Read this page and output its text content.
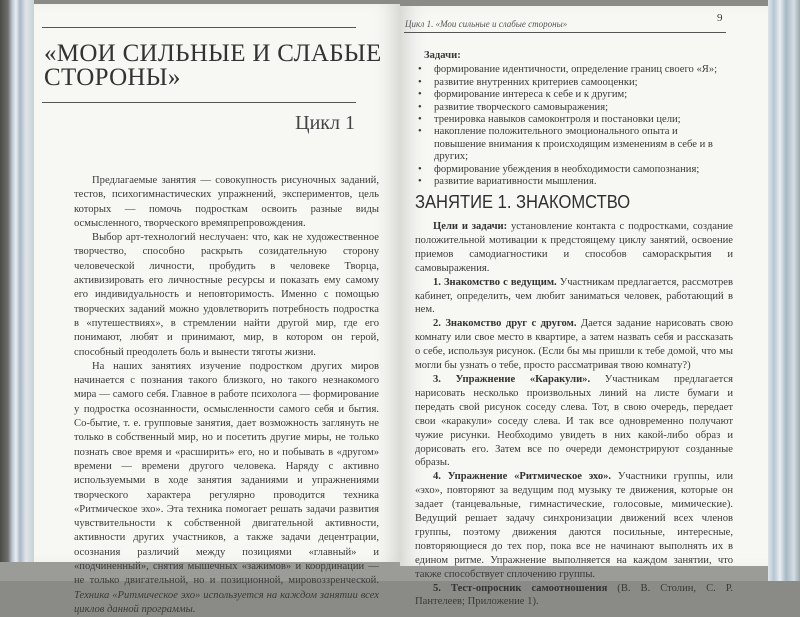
«МОИ СИЛЬНЫЕ И СЛАБЫЕ
СТОРОНЫ»
Цикл 1

Предлагаемые занятия — совокупность рисуночных заданий, тестов, психогимнастических упражнений, экспериментов, цель которых — помочь подросткам освоить разные виды осмысленного, творческого времяпрепровождения.

Выбор арт-технологий неслучаен: что, как не художественное творчество, способно раскрыть созидательную сторону человеческой личности, пробудить в человеке Творца, активизировать его личностные ресурсы и показать ему самому его индивидуальность и неповторимость. Именно с помощью творческих заданий можно удовлетворить потребность подростка в «путешествиях», в стремлении найти другой мир, где его понимают, любят и принимают, мир, в котором он герой, способный преодолеть боль и вынести тяготы жизни.

На наших занятиях изучение подростком других миров начинается с познания такого близкого, но такого незнакомого мира — самого себя. Главное в работе психолога — формирование у подростка осознанности, осмысленности самого себя и бытия. Со-бытие, т. е. групповые занятия, дает возможность заглянуть не только в собственный мир, но и посетить другие миры, не только познать свое время и «расширить» его, но и побывать в «другом» времени — времени другого человека. Наряду с активно используемыми в ходе занятия заданиями и упражнениями творческого характера регулярно проводится техника «Ритмическое эхо». Эта техника помогает решать задачи развития чувствительности к собственной двигательной активности, активности других участников, а также задачи децентрации, осознания различий между позициями «главный» и «подчиненный», снятия мышечных «зажимов» и координации — не только двигательной, но и позиционной, мировоззренческой. Техника «Ритмическое эхо» используется на каждом занятии всех циклов данной программы.

Цикл 1. «Мои сильные и слабые стороны»	9
Задачи:
• формирование идентичности, определение границ своего «Я»;
• развитие внутренних критериев самооценки;
• формирование интереса к себе и к другим;
• развитие творческого самовыражения;
• тренировка навыков самоконтроля и постановки цели;
• накопление положительного эмоционального опыта и повышение внимания к происходящим изменениям в себе и в других;
• формирование убеждения в необходимости самопознания;
• развитие вариативности мышления.
ЗАНЯТИЕ 1. ЗНАКОМСТВО

Цели и задачи: установление контакта с подростками, создание положительной мотивации к предстоящему циклу занятий, освоение приемов самодиагностики и способов самораскрытия и самовыражения.

1. Знакомство с ведущим. Участникам предлагается, рассмотрев кабинет, определить, чем любит заниматься человек, работающий в нем.

2. Знакомство друг с другом. Дается задание нарисовать свою комнату или свое место в квартире, а затем назвать себя и рассказать о себе, используя рисунок. (Если бы мы пришли к тебе домой, что мы могли бы узнать о тебе, просто рассматривая твою комнату?)

3. Упражнение «Каракули». Участникам предлагается нарисовать несколько произвольных линий на листе бумаги и передать свой рисунок соседу слева. Тот, в свою очередь, передает свои «каракули» соседу слева. И так все одновременно получают чужие рисунки. Необходимо увидеть в них какой-либо образ и дорисовать его. Затем все по очереди демонстрируют созданные образы.

4. Упражнение «Ритмическое эхо». Участники группы, или «эхо», повторяют за ведущим под музыку те движения, которые он задает (танцевальные, гимнастические, голосовые, мимические). Ведущий решает задачу синхронизации движений всех членов группы, поэтому движения даются посильные, интересные, повторяющиеся до тех пор, пока все не начинают выполнять их в едином ритме. Упражнение выполняется на каждом занятии, что также способствует сплочению группы.

5. Тест-опросник самоотношения (В. В. Столин, С. Р. Пантелеев; Приложение 1).
